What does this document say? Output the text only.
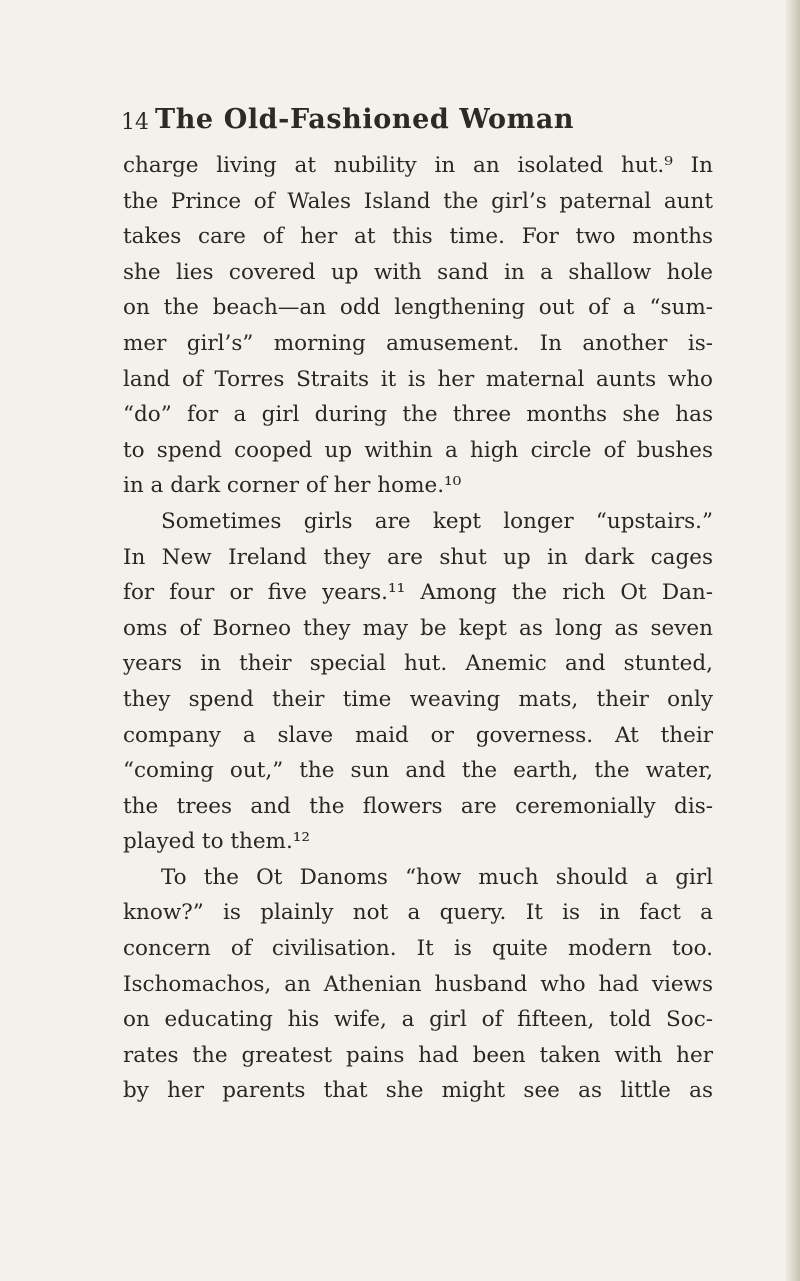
14 The Old-Fashioned Woman
charge living at nubility in an isolated hut.⁹ In
the Prince of Wales Island the girl’s paternal aunt
takes care of her at this time. For two months
she lies covered up with sand in a shallow hole
on the beach—an odd lengthening out of a “sum-
mer girl’s” morning amusement. In another is-
land of Torres Straits it is her maternal aunts who
“do” for a girl during the three months she has
to spend cooped up within a high circle of bushes
in a dark corner of her home.¹⁰
Sometimes girls are kept longer “upstairs.”
In New Ireland they are shut up in dark cages
for four or five years.¹¹ Among the rich Ot Dan-
oms of Borneo they may be kept as long as seven
years in their special hut. Anemic and stunted,
they spend their time weaving mats, their only
company a slave maid or governess. At their
“coming out,” the sun and the earth, the water,
the trees and the flowers are ceremonially dis-
played to them.¹²
To the Ot Danoms “how much should a girl
know?” is plainly not a query. It is in fact a
concern of civilisation. It is quite modern too.
Ischomachos, an Athenian husband who had views
on educating his wife, a girl of fifteen, told Soc-
rates the greatest pains had been taken with her
by her parents that she might see as little as
